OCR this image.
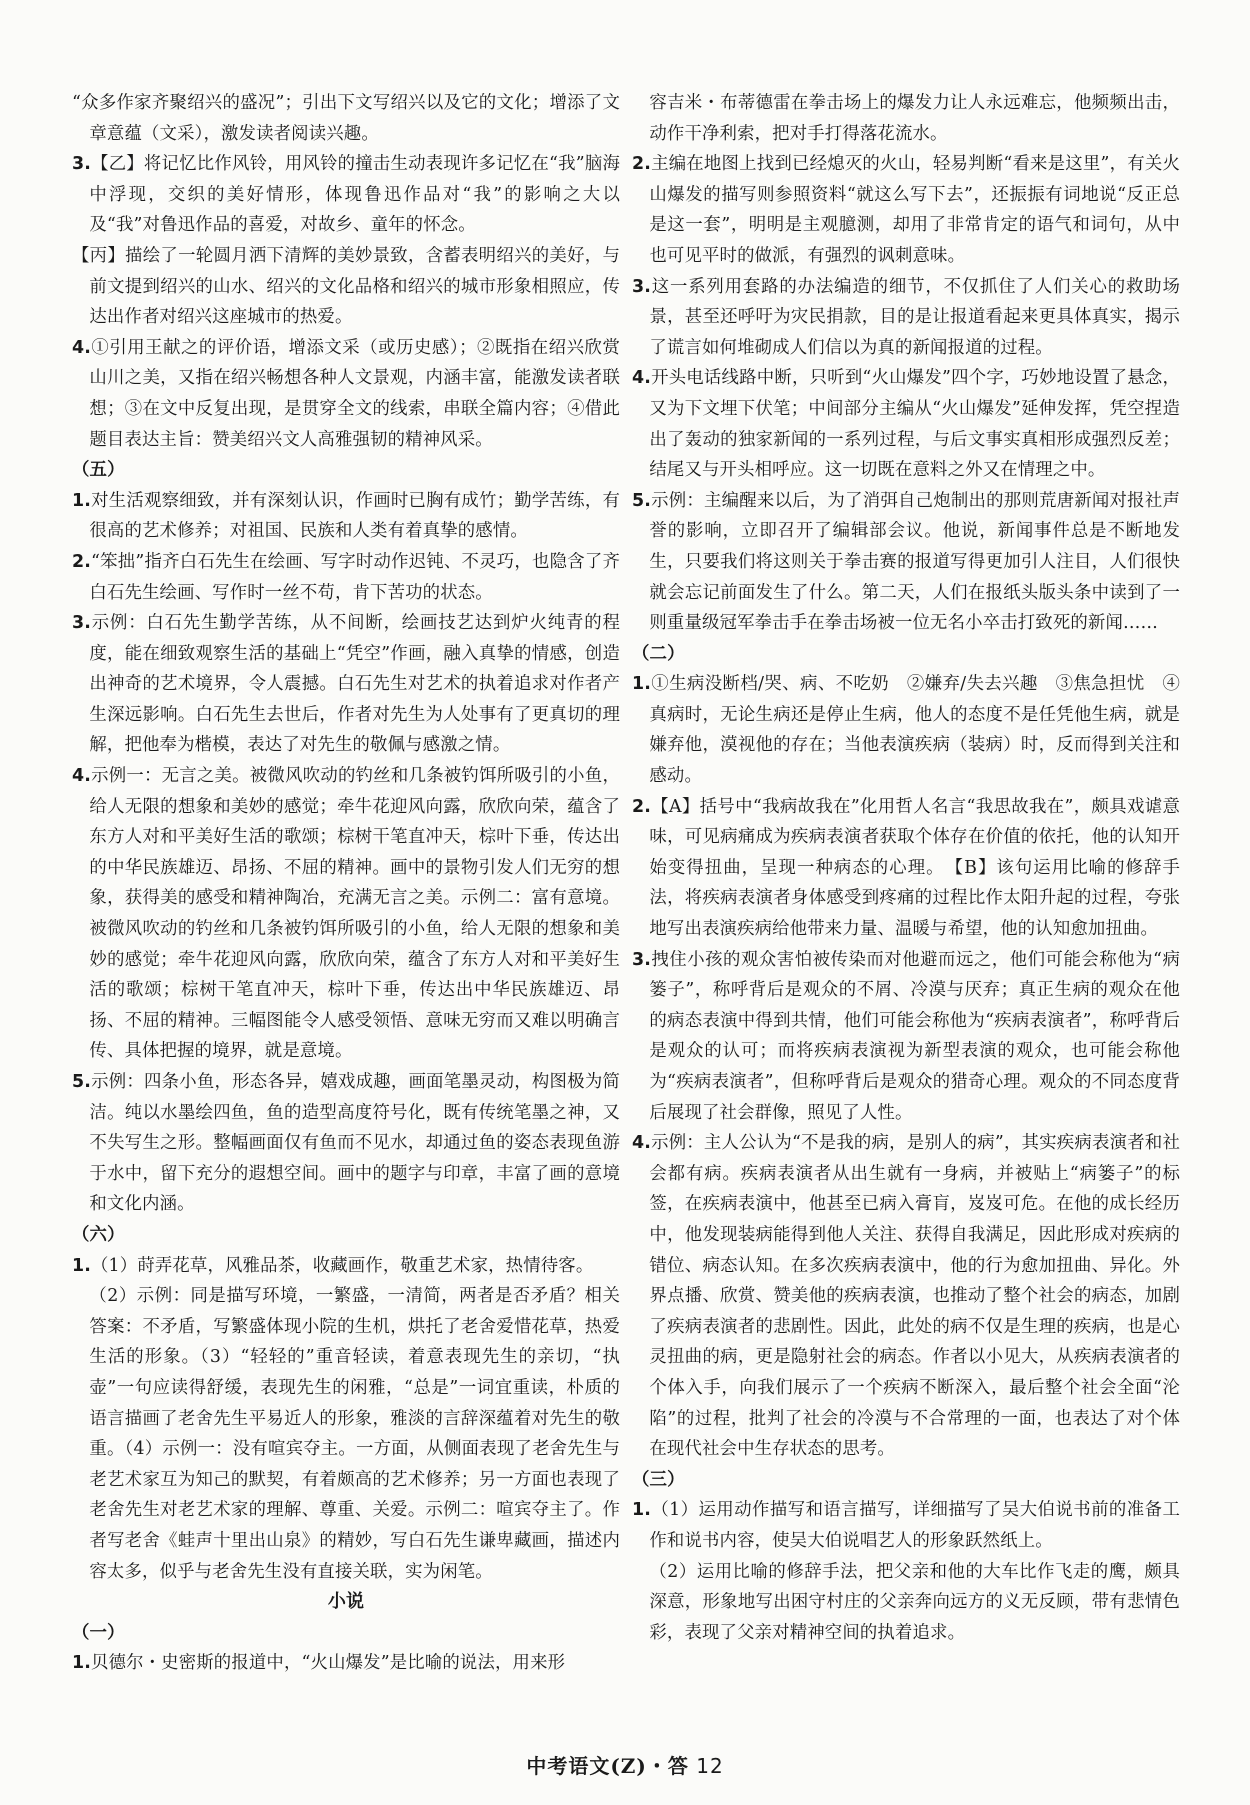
“众多作家齐聚绍兴的盛况”；引出下文写绍兴以及它的文化；增添了文章意蕴（文采），激发读者阅读兴趣。

3.【乙】将记忆比作风铃，用风铃的撞击生动表现许多记忆在“我”脑海中浮现，交织的美好情形，体现鲁迅作品对“我”的影响之大以及“我”对鲁迅作品的喜爱，对故乡、童年的怀念。

【丙】描绘了一轮圆月洒下清辉的美妙景致，含蓄表明绍兴的美好，与前文提到绍兴的山水、绍兴的文化品格和绍兴的城市形象相照应，传达出作者对绍兴这座城市的热爱。

4.①引用王献之的评价语，增添文采（或历史感）；②既指在绍兴欣赏山川之美，又指在绍兴畅想各种人文景观，内涵丰富，能激发读者联想；③在文中反复出现，是贯穿全文的线索，串联全篇内容；④借此题目表达主旨：赞美绍兴文人高雅强韧的精神风采。

（五）

1.对生活观察细致，并有深刻认识，作画时已胸有成竹；勤学苦练，有很高的艺术修养；对祖国、民族和人类有着真挚的感情。

2.“笨拙”指齐白石先生在绘画、写字时动作迟钝、不灵巧，也隐含了齐白石先生绘画、写作时一丝不苟，肯下苦功的状态。

3.示例：白石先生勤学苦练，从不间断，绘画技艺达到炉火纯青的程度，能在细致观察生活的基础上“凭空”作画，融入真挚的情感，创造出神奇的艺术境界，令人震撼。白石先生对艺术的执着追求对作者产生深远影响。白石先生去世后，作者对先生为人处事有了更真切的理解，把他奉为楷模，表达了对先生的敬佩与感激之情。

4.示例一：无言之美。被微风吹动的钓丝和几条被钓饵所吸引的小鱼，给人无限的想象和美妙的感觉；牵牛花迎风向露，欣欣向荣，蕴含了东方人对和平美好生活的歌颂；棕树干笔直冲天，棕叶下垂，传达出的中华民族雄迈、昂扬、不屈的精神。画中的景物引发人们无穷的想象，获得美的感受和精神陶冶，充满无言之美。示例二：富有意境。被微风吹动的钓丝和几条被钓饵所吸引的小鱼，给人无限的想象和美妙的感觉；牵牛花迎风向露，欣欣向荣，蕴含了东方人对和平美好生活的歌颂；棕树干笔直冲天，棕叶下垂，传达出中华民族雄迈、昂扬、不屈的精神。三幅图能令人感受领悟、意味无穷而又难以明确言传、具体把握的境界，就是意境。

5.示例：四条小鱼，形态各异，嬉戏成趣，画面笔墨灵动，构图极为简洁。纯以水墨绘四鱼，鱼的造型高度符号化，既有传统笔墨之神，又不失写生之形。整幅画面仅有鱼而不见水，却通过鱼的姿态表现鱼游于水中，留下充分的遐想空间。画中的题字与印章，丰富了画的意境和文化内涵。

（六）

1.（1）莳弄花草，风雅品茶，收藏画作，敬重艺术家，热情待客。

（2）示例：同是描写环境，一繁盛，一清简，两者是否矛盾？相关答案：不矛盾，写繁盛体现小院的生机，烘托了老舍爱惜花草，热爱生活的形象。（3）“轻轻的”重音轻读，着意表现先生的亲切，“执壶”一句应读得舒缓，表现先生的闲雅，“总是”一词宜重读，朴质的语言描画了老舍先生平易近人的形象，雅淡的言辞深蕴着对先生的敬重。（4）示例一：没有喧宾夺主。一方面，从侧面表现了老舍先生与老艺术家互为知己的默契，有着颇高的艺术修养；另一方面也表现了老舍先生对老艺术家的理解、尊重、关爱。示例二：喧宾夺主了。作者写老舍《蛙声十里出山泉》的精妙，写白石先生谦卑藏画，描述内容太多，似乎与老舍先生没有直接关联，实为闲笔。

小说

（一）

1.贝德尔・史密斯的报道中，“火山爆发”是比喻的说法，用来形

容吉米・布蒂德雷在拳击场上的爆发力让人永远难忘，他频频出击，动作干净利索，把对手打得落花流水。

2.主编在地图上找到已经熄灭的火山，轻易判断“看来是这里”，有关火山爆发的描写则参照资料“就这么写下去”，还振振有词地说“反正总是这一套”，明明是主观臆测，却用了非常肯定的语气和词句，从中也可见平时的做派，有强烈的讽刺意味。

3.这一系列用套路的办法编造的细节，不仅抓住了人们关心的救助场景，甚至还呼吁为灾民捐款，目的是让报道看起来更具体真实，揭示了谎言如何堆砌成人们信以为真的新闻报道的过程。

4.开头电话线路中断，只听到“火山爆发”四个字，巧妙地设置了悬念，又为下文埋下伏笔；中间部分主编从“火山爆发”延伸发挥，凭空捏造出了轰动的独家新闻的一系列过程，与后文事实真相形成强烈反差；结尾又与开头相呼应。这一切既在意料之外又在情理之中。

5.示例：主编醒来以后，为了消弭自己炮制出的那则荒唐新闻对报社声誉的影响，立即召开了编辑部会议。他说，新闻事件总是不断地发生，只要我们将这则关于拳击赛的报道写得更加引人注目，人们很快就会忘记前面发生了什么。第二天，人们在报纸头版头条中读到了一则重量级冠军拳击手在拳击场被一位无名小卒击打致死的新闻……

（二）

1.①生病没断档/哭、病、不吃奶　②嫌弃/失去兴趣　③焦急担忧　④真病时，无论生病还是停止生病，他人的态度不是任凭他生病，就是嫌弃他，漠视他的存在；当他表演疾病（装病）时，反而得到关注和感动。

2.【A】括号中“我病故我在”化用哲人名言“我思故我在”，颇具戏谑意味，可见病痛成为疾病表演者获取个体存在价值的依托，他的认知开始变得扭曲，呈现一种病态的心理。　【B】该句运用比喻的修辞手法，将疾病表演者身体感受到疼痛的过程比作太阳升起的过程，夸张地写出表演疾病给他带来力量、温暖与希望，他的认知愈加扭曲。

3.拽住小孩的观众害怕被传染而对他避而远之，他们可能会称他为“病篓子”，称呼背后是观众的不屑、冷漠与厌弃；真正生病的观众在他的病态表演中得到共情，他们可能会称他为“疾病表演者”，称呼背后是观众的认可；而将疾病表演视为新型表演的观众，也可能会称他为“疾病表演者”，但称呼背后是观众的猎奇心理。观众的不同态度背后展现了社会群像，照见了人性。

4.示例：主人公认为“不是我的病，是别人的病”，其实疾病表演者和社会都有病。疾病表演者从出生就有一身病，并被贴上“病篓子”的标签，在疾病表演中，他甚至已病入膏肓，岌岌可危。在他的成长经历中，他发现装病能得到他人关注、获得自我满足，因此形成对疾病的错位、病态认知。在多次疾病表演中，他的行为愈加扭曲、异化。外界点播、欣赏、赞美他的疾病表演，也推动了整个社会的病态，加剧了疾病表演者的悲剧性。因此，此处的病不仅是生理的疾病，也是心灵扭曲的病，更是隐射社会的病态。作者以小见大，从疾病表演者的个体入手，向我们展示了一个疾病不断深入，最后整个社会全面“沦陷”的过程，批判了社会的冷漠与不合常理的一面，也表达了对个体在现代社会中生存状态的思考。

（三）

1.（1）运用动作描写和语言描写，详细描写了吴大伯说书前的准备工作和说书内容，使吴大伯说唱艺人的形象跃然纸上。

（2）运用比喻的修辞手法，把父亲和他的大车比作飞走的鹰，颇具深意，形象地写出困守村庄的父亲奔向远方的义无反顾，带有悲情色彩，表现了父亲对精神空间的执着追求。

中考语文(Z)・答 12
​
